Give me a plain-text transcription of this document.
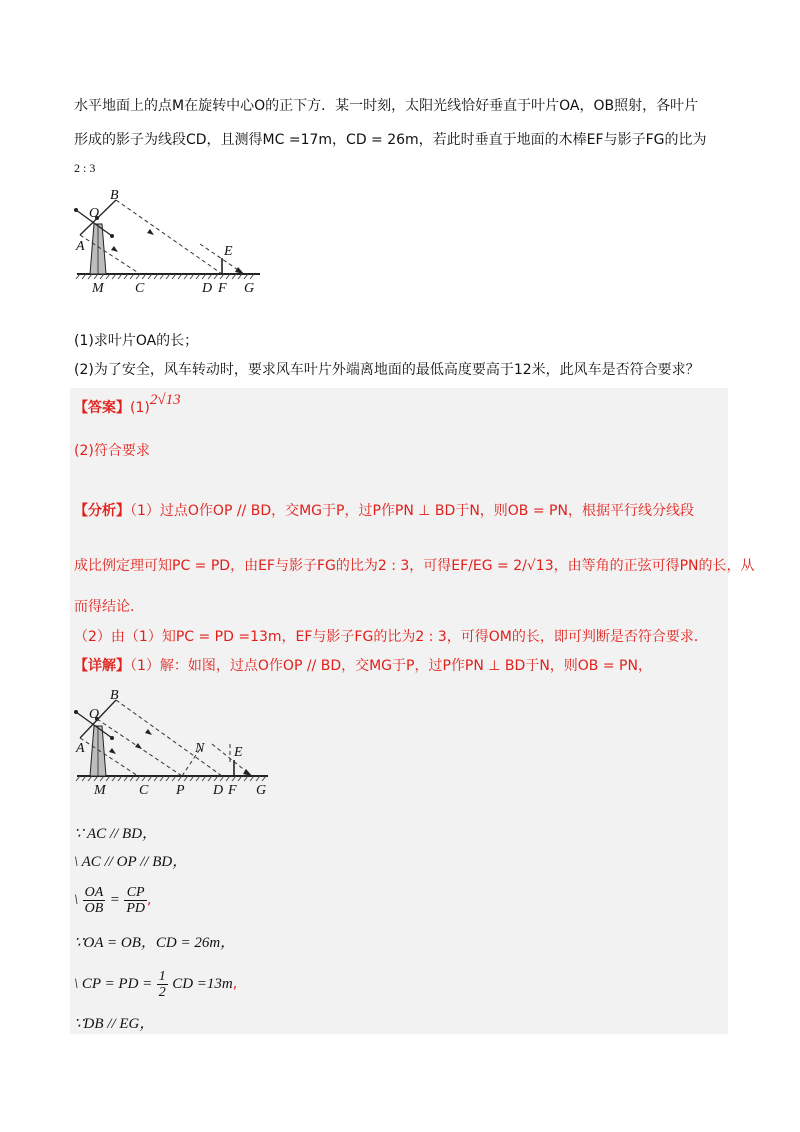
水平地面上的点M在旋转中心O的正下方．某一时刻，太阳光线恰好垂直于叶片OA，OB照射，各叶片
形成的影子为线段CD，且测得MC =17m，CD = 26m，若此时垂直于地面的木棒EF与影子FG的比为
2 : 3
B
O
A	E
M C	D F G
(1)求叶片OA的长；
(2)为了安全，风车转动时，要求风车叶片外端离地面的最低高度要高于12米，此风车是否符合要求？
【答案】(1)2√13
(2)符合要求
【分析】（1）过点O作OP // BD，交MG于P，过P作PN ⊥ BD于N，则OB = PN，根据平行线分线段
成比例定理可知PC = PD，由EF与影子FG的比为2 : 3，可得EF/EG = 2/√13，由等角的正弦可得PN的长，从
而得结论．
（2）由（1）知PC = PD =13m，EF与影子FG的比为2 : 3，可得OM的长，即可判断是否符合要求．
【详解】（1）解：如图，过点O作OP // BD，交MG于P，过P作PN ⊥ BD于N，则OB = PN，
B
O
A	N E
M C P D F G
∵ AC // BD，
\ AC // OP // BD，
\ $\frac{OA}{OB} = \frac{CP}{PD}$ ,
∵OA = OB，CD = 26m，
\ CP = PD = $\frac{1}{2}$ CD =13m,
∵DB // EG，
